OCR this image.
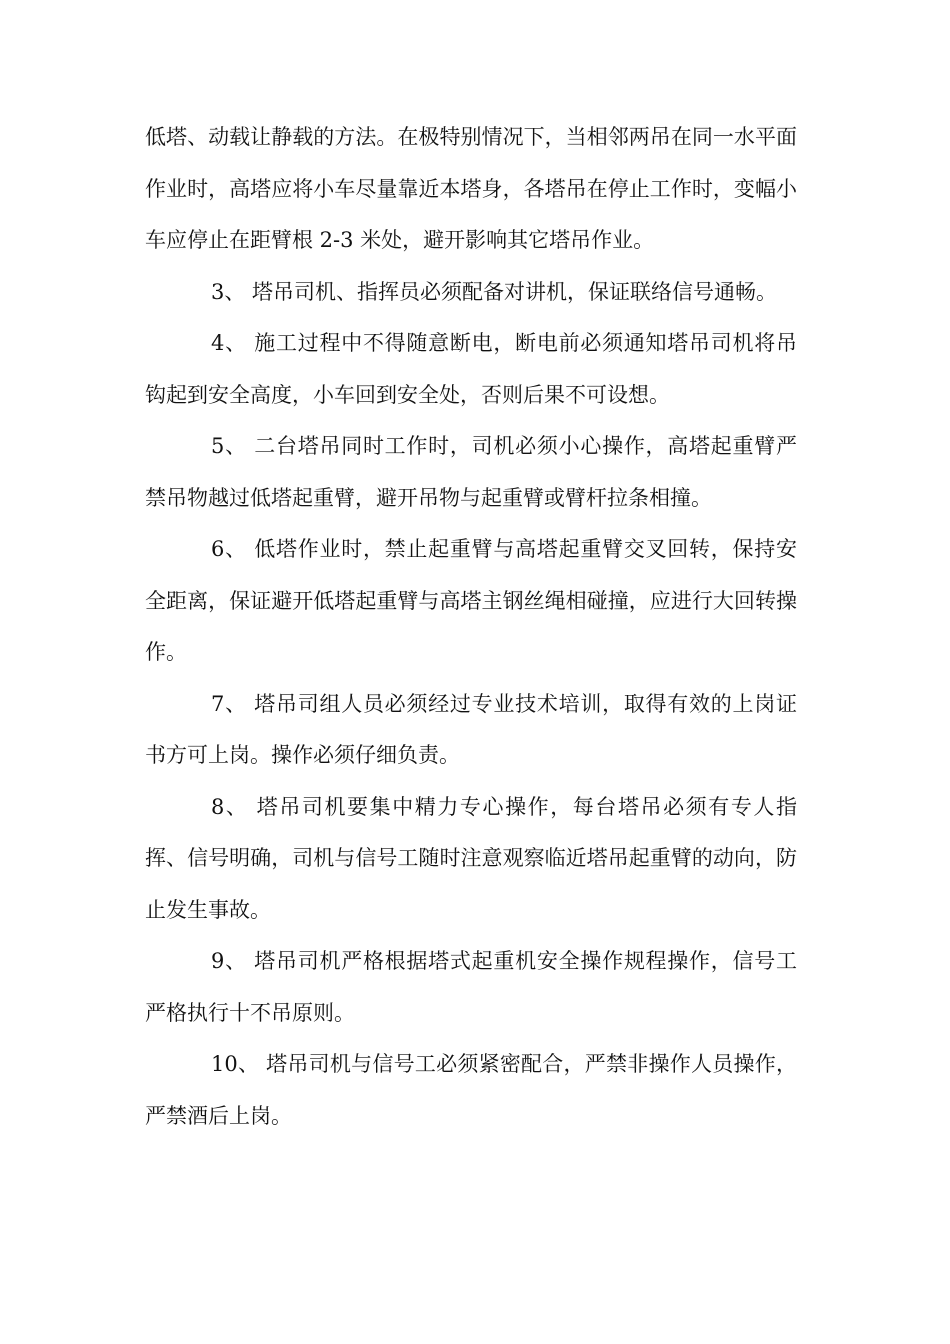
低塔、动载让静载的方法。在极特别情况下，当相邻两吊在同一水平面作业时，高塔应将小车尽量靠近本塔身，各塔吊在停止工作时，变幅小车应停止在距臂根 2-3 米处，避开影响其它塔吊作业。

3、 塔吊司机、指挥员必须配备对讲机，保证联络信号通畅。

4、 施工过程中不得随意断电，断电前必须通知塔吊司机将吊钩起到安全高度，小车回到安全处，否则后果不可设想。

5、 二台塔吊同时工作时，司机必须小心操作，高塔起重臂严禁吊物越过低塔起重臂，避开吊物与起重臂或臂杆拉条相撞。

6、 低塔作业时，禁止起重臂与高塔起重臂交叉回转，保持安全距离，保证避开低塔起重臂与高塔主钢丝绳相碰撞，应进行大回转操作。

7、 塔吊司组人员必须经过专业技术培训，取得有效的上岗证书方可上岗。操作必须仔细负责。

8、 塔吊司机要集中精力专心操作，每台塔吊必须有专人指挥、信号明确，司机与信号工随时注意观察临近塔吊起重臂的动向，防止发生事故。

9、 塔吊司机严格根据塔式起重机安全操作规程操作，信号工严格执行十不吊原则。

10、 塔吊司机与信号工必须紧密配合，严禁非操作人员操作，严禁酒后上岗。
